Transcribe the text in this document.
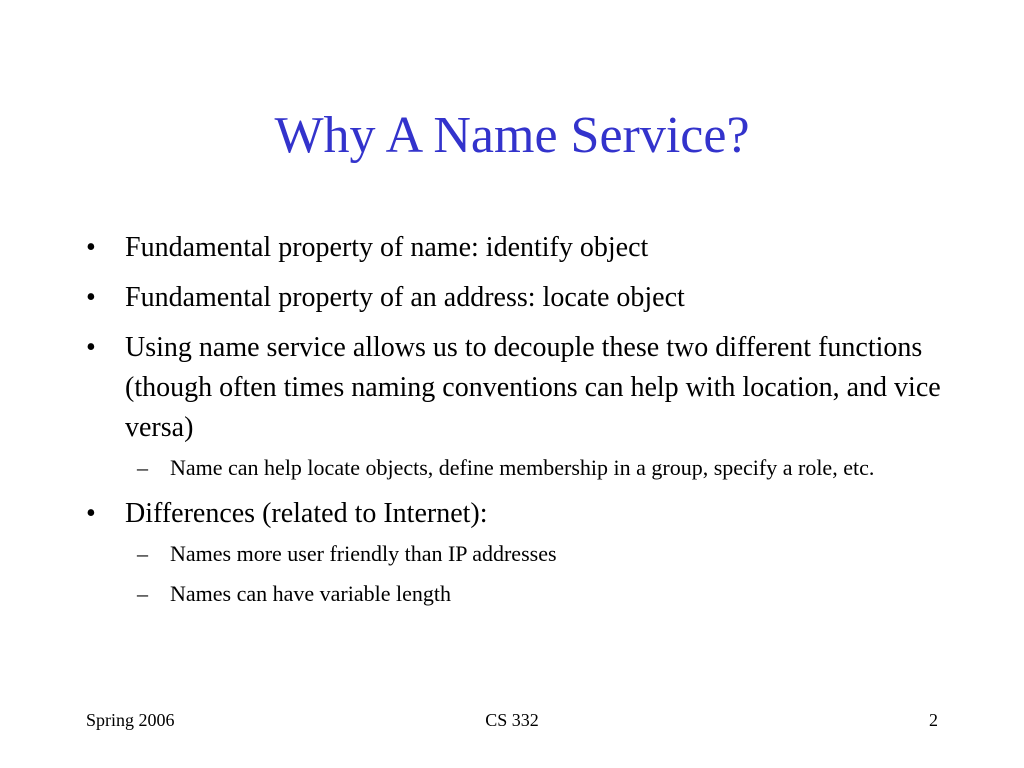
Why A Name Service?
•	Fundamental property of name: identify object
•	Fundamental property of an address: locate object
•	Using name service allows us to decouple these two different functions (though often times naming conventions can help with location, and vice versa)
–	Name can help locate objects, define membership in a group, specify a role, etc.
•	Differences (related to Internet):
–	Names more user friendly than IP addresses
–	Names can have variable length
Spring 2006	CS 332	2
